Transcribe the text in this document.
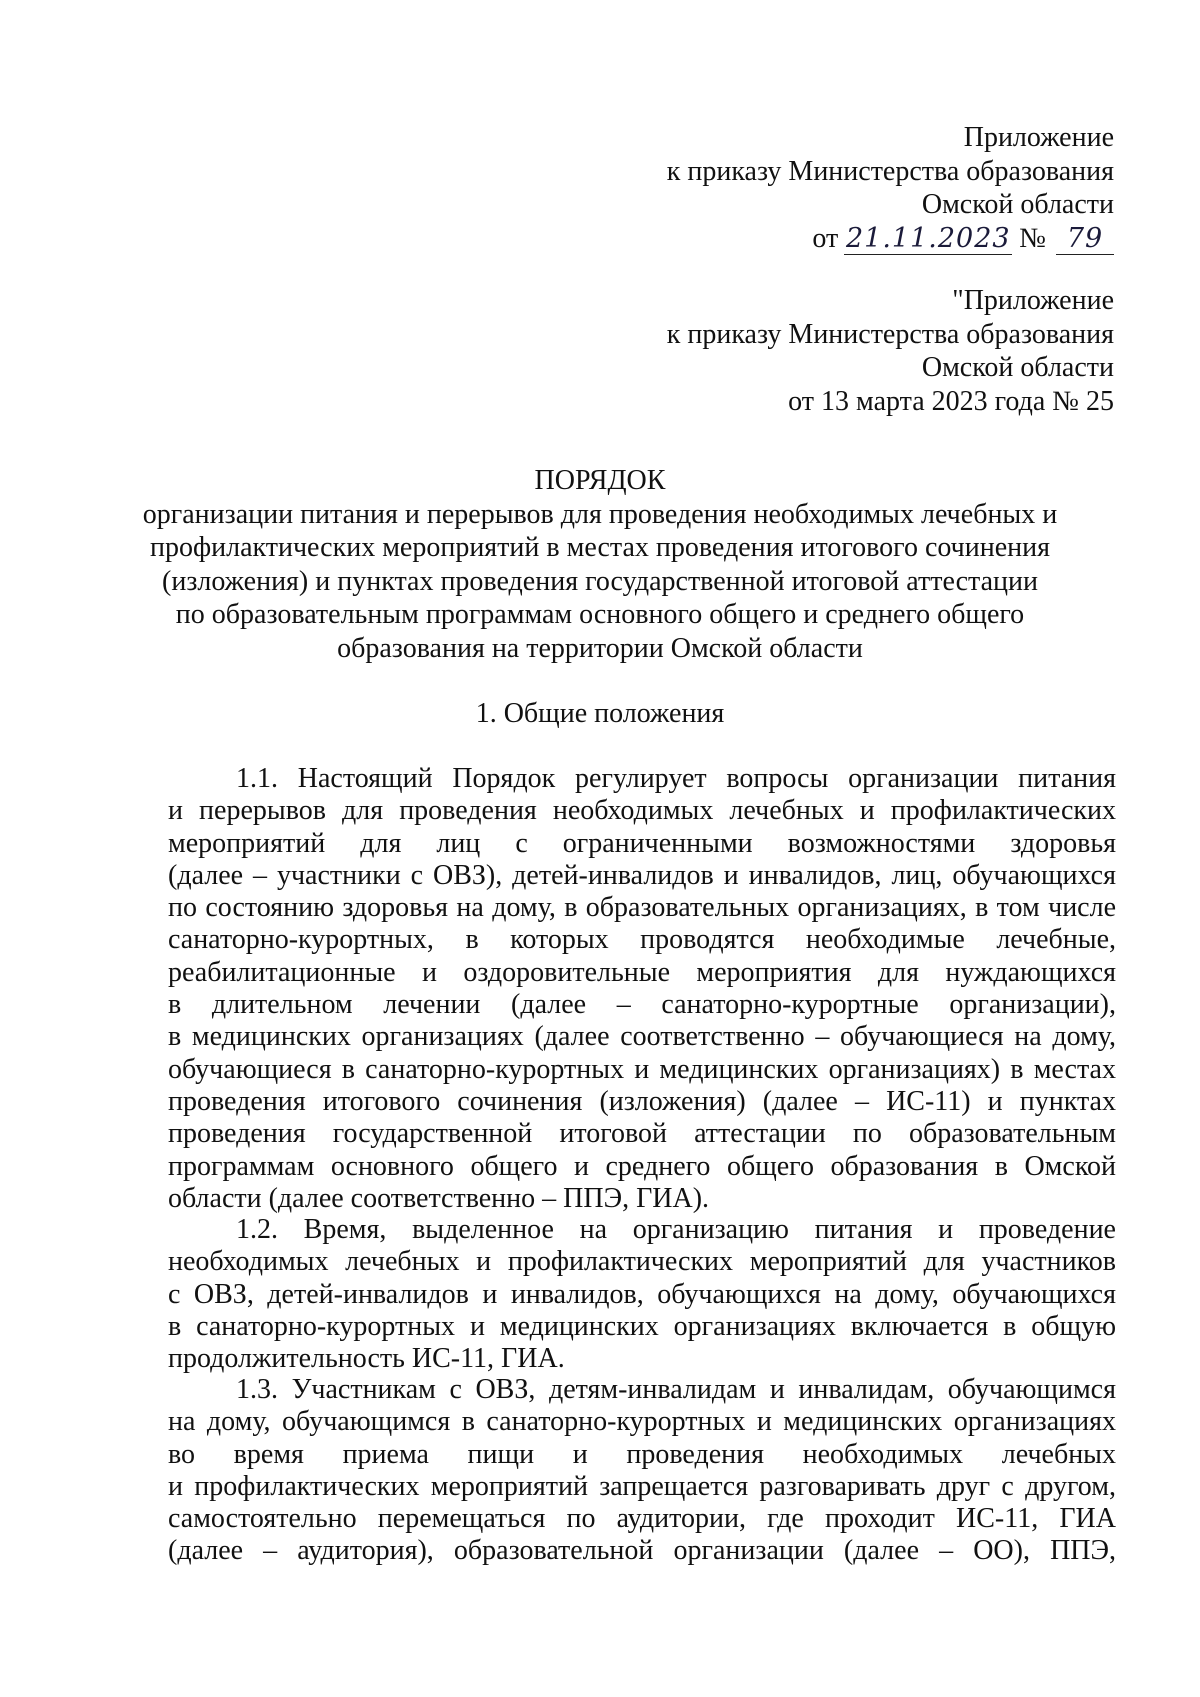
Приложение
к приказу Министерства образования
Омской области
от 21.11.2023 № 79
"Приложение
к приказу Министерства образования
Омской области
от 13 марта 2023 года № 25
ПОРЯДОК
организации питания и перерывов для проведения необходимых лечебных и
профилактических мероприятий в местах проведения итогового сочинения
(изложения) и пунктах проведения государственной итоговой аттестации
по образовательным программам основного общего и среднего общего
образования на территории Омской области
1. Общие положения
1.1. Настоящий Порядок регулирует вопросы организации питания
и перерывов для проведения необходимых лечебных и профилактических
мероприятий для лиц с ограниченными возможностями здоровья
(далее – участники с ОВЗ), детей-инвалидов и инвалидов, лиц, обучающихся
по состоянию здоровья на дому, в образовательных организациях, в том числе
санаторно-курортных, в которых проводятся необходимые лечебные,
реабилитационные и оздоровительные мероприятия для нуждающихся
в длительном лечении (далее – санаторно-курортные организации),
в медицинских организациях (далее соответственно – обучающиеся на дому,
обучающиеся в санаторно-курортных и медицинских организациях) в местах
проведения итогового сочинения (изложения) (далее – ИС-11) и пунктах
проведения государственной итоговой аттестации по образовательным
программам основного общего и среднего общего образования в Омской
области (далее соответственно – ППЭ, ГИА).
1.2. Время, выделенное на организацию питания и проведение
необходимых лечебных и профилактических мероприятий для участников
с ОВЗ, детей-инвалидов и инвалидов, обучающихся на дому, обучающихся
в санаторно-курортных и медицинских организациях включается в общую
продолжительность ИС-11, ГИА.
1.3. Участникам с ОВЗ, детям-инвалидам и инвалидам, обучающимся
на дому, обучающимся в санаторно-курортных и медицинских организациях
во время приема пищи и проведения необходимых лечебных
и профилактических мероприятий запрещается разговаривать друг с другом,
самостоятельно перемещаться по аудитории, где проходит ИС-11, ГИА
(далее – аудитория), образовательной организации (далее – ОО), ППЭ,
